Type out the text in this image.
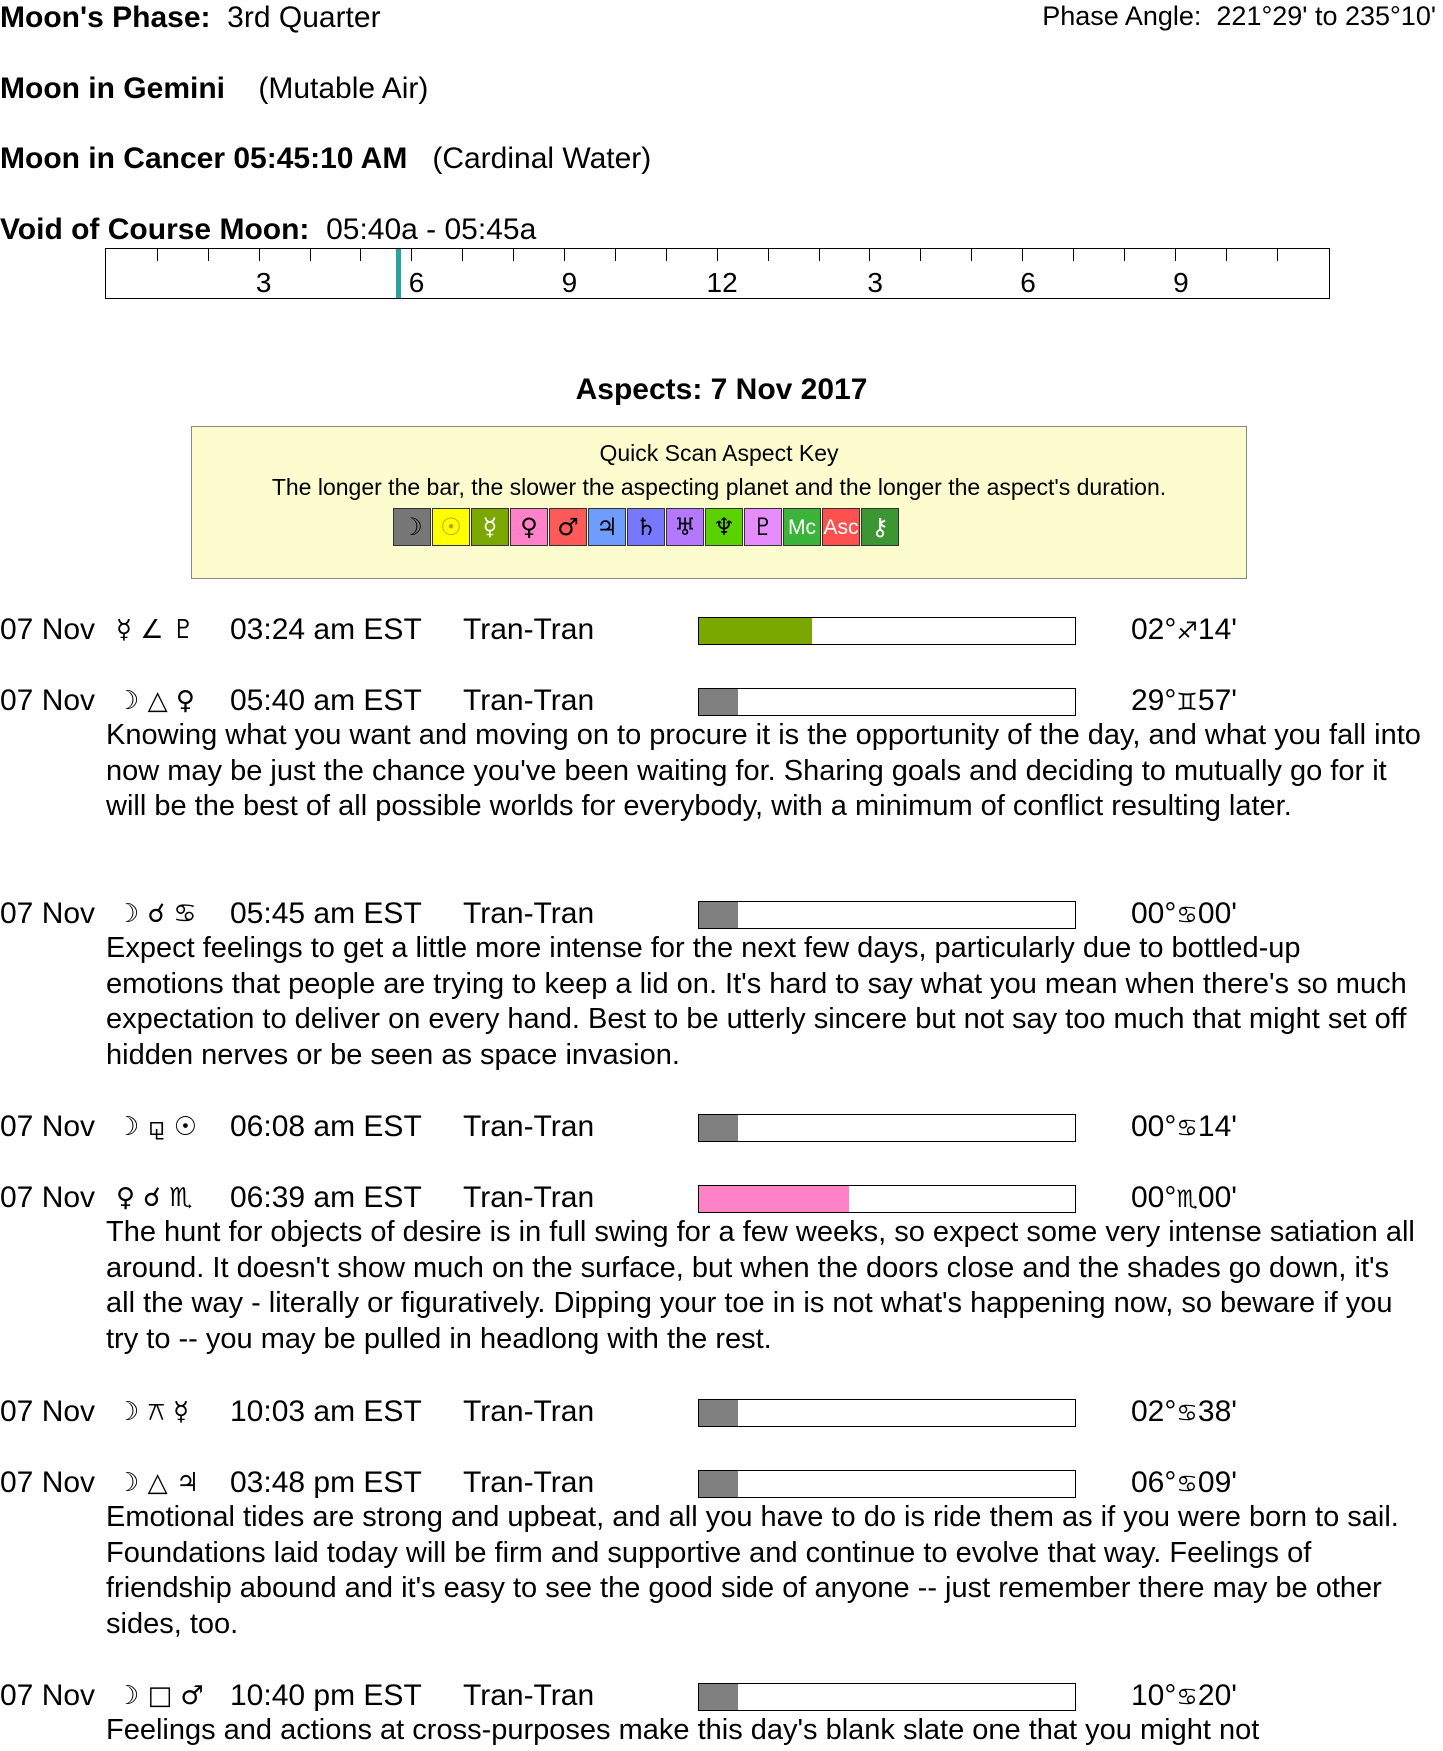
Moon's Phase: 3rd Quarter	Phase Angle: 221°29' to 235°10'
Moon in Gemini (Mutable Air)
Moon in Cancer 05:45:10 AM (Cardinal Water)
Void of Course Moon: 05:40a - 05:45a
3	6	9	12	3	6	9
Aspects: 7 Nov 2017
Quick Scan Aspect Key
The longer the bar, the slower the aspecting planet and the longer the aspect's duration.
☽ ☉ ☿ ♀ ♂ ♃ ♄ ♅ ♆ ♇ Mc Asc ⚷
07 Nov ☿ ∠ ♇ 03:24 am EST Tran-Tran	02°♐14'
07 Nov ☽ △ ♀ 05:40 am EST Tran-Tran	29°♊57'
Knowing what you want and moving on to procure it is the opportunity of the day, and what you fall into now may be just the chance you've been waiting for. Sharing goals and deciding to mutually go for it will be the best of all possible worlds for everybody, with a minimum of conflict resulting later.
07 Nov ☽ ☌ ♋ 05:45 am EST Tran-Tran	00°♋00'
Expect feelings to get a little more intense for the next few days, particularly due to bottled-up emotions that people are trying to keep a lid on. It's hard to say what you mean when there's so much expectation to deliver on every hand. Best to be utterly sincere but not say too much that might set off hidden nerves or be seen as space invasion.
07 Nov ☽ ⚼ ☉ 06:08 am EST Tran-Tran	00°♋14'
07 Nov ♀ ☌ ♏ 06:39 am EST Tran-Tran	00°♏00'
The hunt for objects of desire is in full swing for a few weeks, so expect some very intense satiation all around. It doesn't show much on the surface, but when the doors close and the shades go down, it's all the way - literally or figuratively. Dipping your toe in is not what's happening now, so beware if you try to -- you may be pulled in headlong with the rest.
07 Nov ☽ ⚻ ☿ 10:03 am EST Tran-Tran	02°♋38'
07 Nov ☽ △ ♃ 03:48 pm EST Tran-Tran	06°♋09'
Emotional tides are strong and upbeat, and all you have to do is ride them as if you were born to sail. Foundations laid today will be firm and supportive and continue to evolve that way. Feelings of friendship abound and it's easy to see the good side of anyone -- just remember there may be other sides, too.
07 Nov ☽ □ ♂ 10:40 pm EST Tran-Tran	10°♋20'
Feelings and actions at cross-purposes make this day's blank slate one that you might not
